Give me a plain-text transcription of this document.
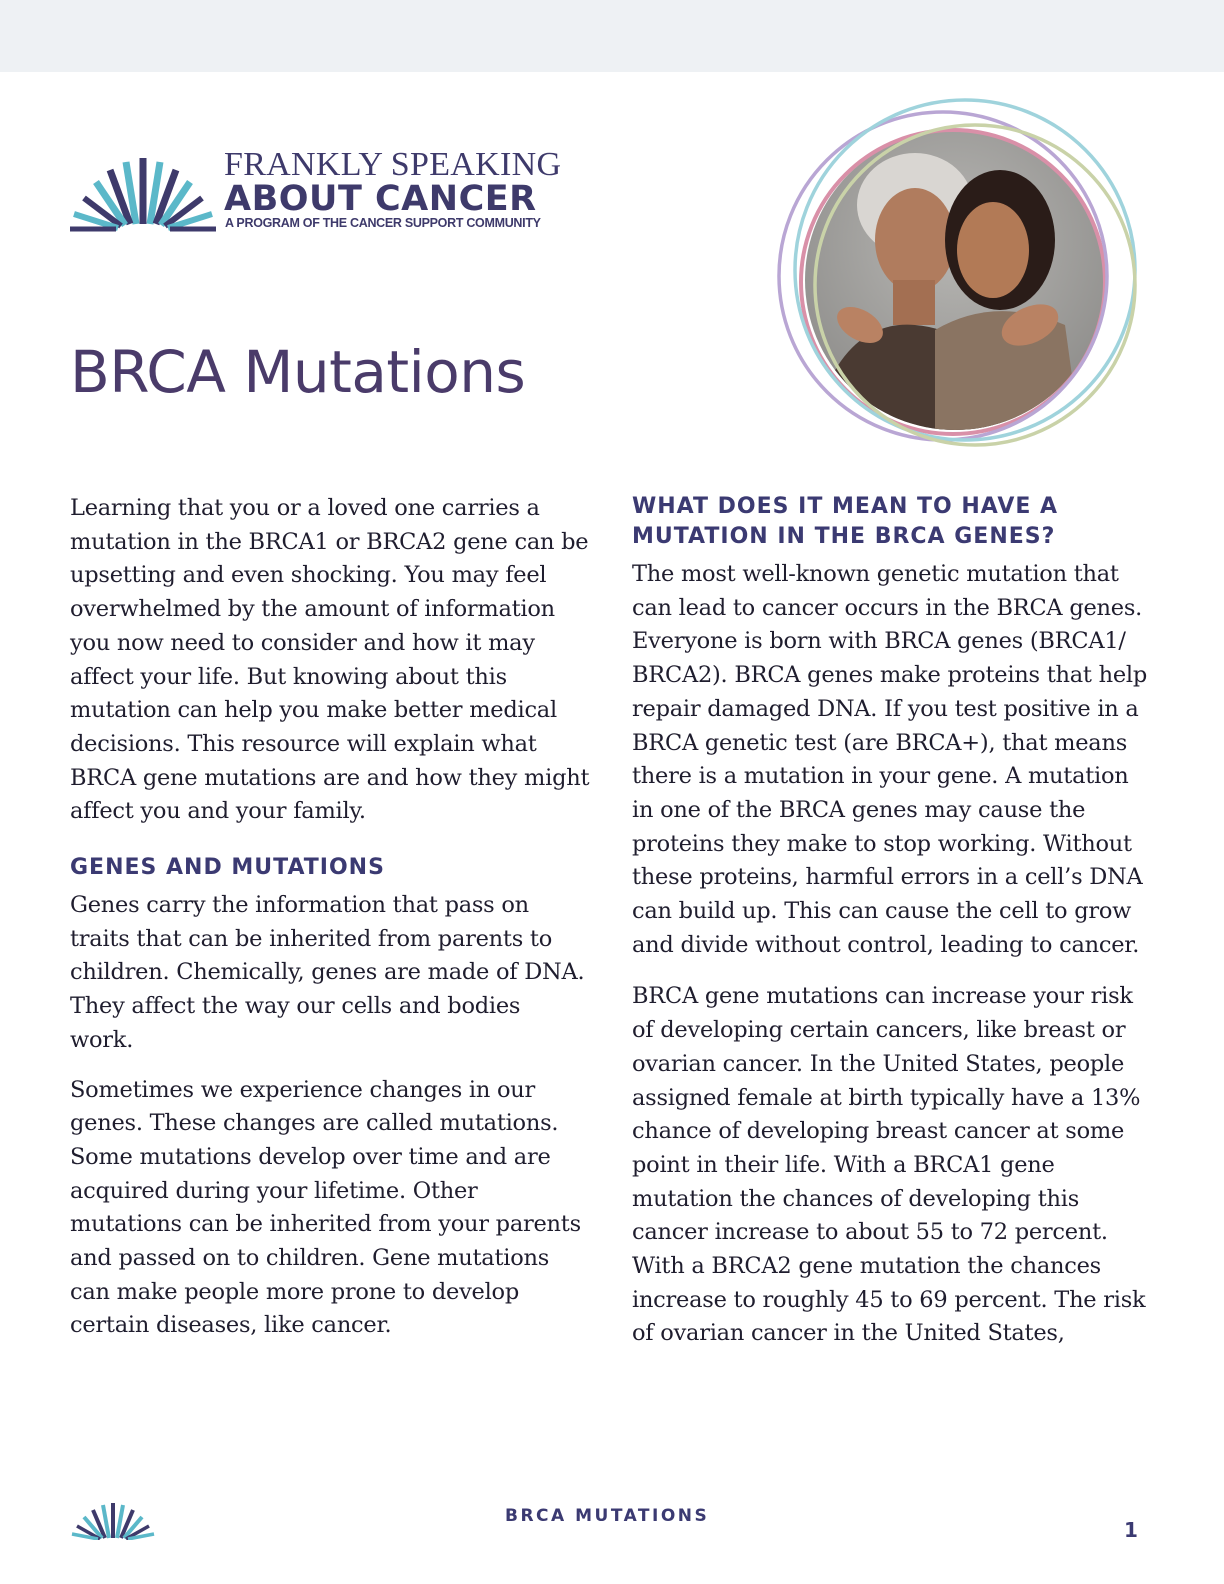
FRANKLY SPEAKING
ABOUT CANCER
A PROGRAM OF THE CANCER SUPPORT COMMUNITY
BRCA Mutations

Learning that you or a loved one carries a mutation in the BRCA1 or BRCA2 gene can be upsetting and even shocking. You may feel overwhelmed by the amount of information you now need to consider and how it may affect your life. But knowing about this mutation can help you make better medical decisions. This resource will explain what BRCA gene mutations are and how they might affect you and your family.

GENES AND MUTATIONS

Genes carry the information that pass on traits that can be inherited from parents to children. Chemically, genes are made of DNA. They affect the way our cells and bodies work.

Sometimes we experience changes in our genes. These changes are called mutations. Some mutations develop over time and are acquired during your lifetime. Other mutations can be inherited from your parents and passed on to children. Gene mutations can make people more prone to develop certain diseases, like cancer.

WHAT DOES IT MEAN TO HAVE A MUTATION IN THE BRCA GENES?

The most well-known genetic mutation that can lead to cancer occurs in the BRCA genes. Everyone is born with BRCA genes (BRCA1/ BRCA2). BRCA genes make proteins that help repair damaged DNA. If you test positive in a BRCA genetic test (are BRCA+), that means there is a mutation in your gene. A mutation in one of the BRCA genes may cause the proteins they make to stop working. Without these proteins, harmful errors in a cell’s DNA can build up. This can cause the cell to grow and divide without control, leading to cancer.

BRCA gene mutations can increase your risk of developing certain cancers, like breast or ovarian cancer. In the United States, people assigned female at birth typically have a 13% chance of developing breast cancer at some point in their life. With a BRCA1 gene mutation the chances of developing this cancer increase to about 55 to 72 percent. With a BRCA2 gene mutation the chances increase to roughly 45 to 69 percent. The risk of ovarian cancer in the United States,

BRCA MUTATIONS
1
